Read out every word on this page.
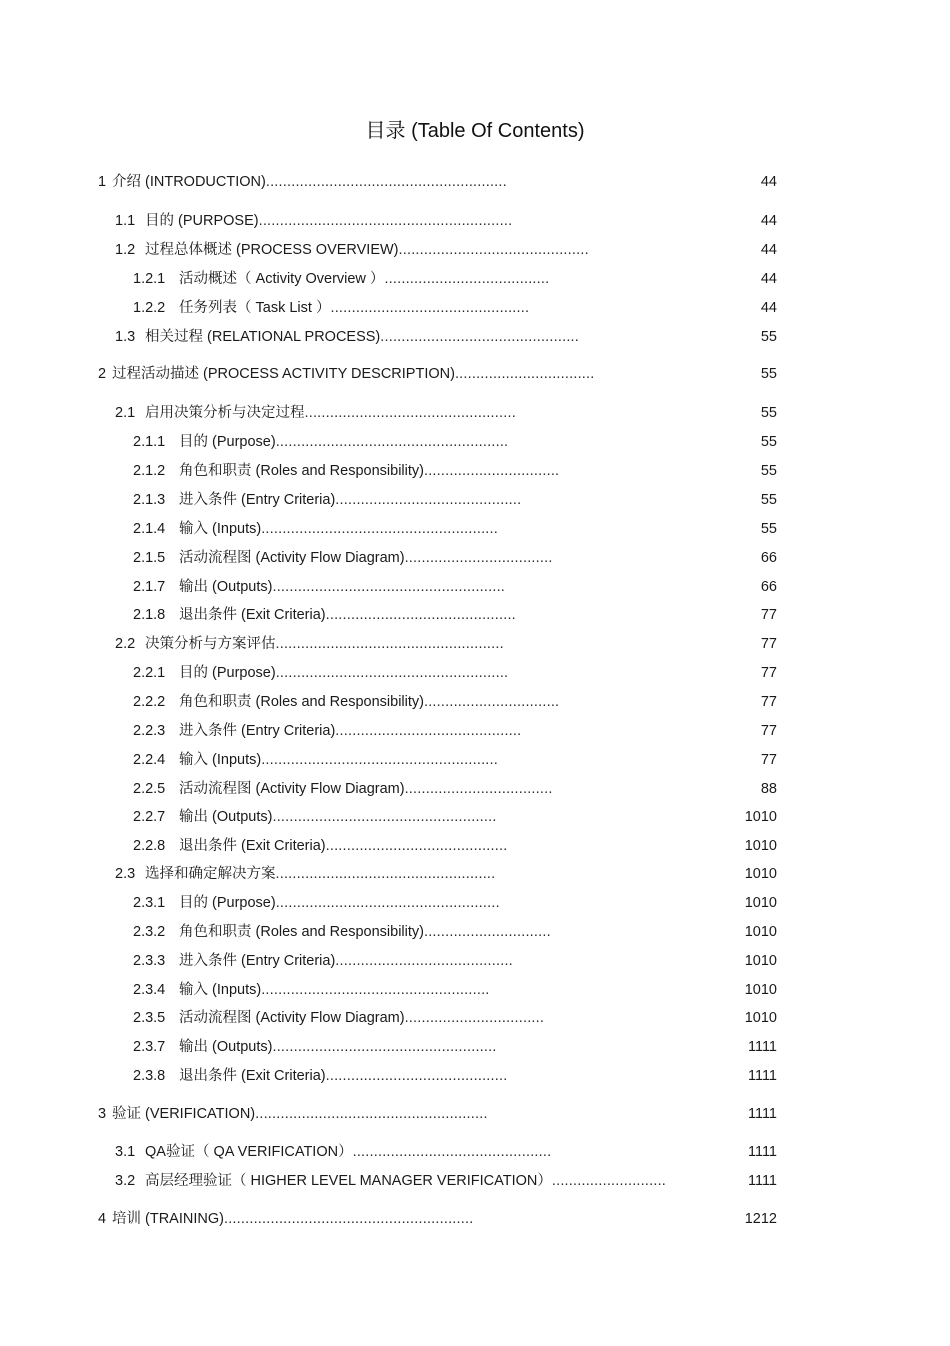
目录 (Table Of Contents)
1 介绍 (INTRODUCTION).........................................................	44
1.1 目的 (PURPOSE)............................................................	44
1.2 过程总体概述 (PROCESS OVERVIEW).............................................	44
1.2.1 活动概述（ Activity Overview ）.......................................	44
1.2.2 任务列表（ Task List ）...............................................	44
1.3 相关过程 (RELATIONAL PROCESS)...............................................	55
2 过程活动描述 (PROCESS ACTIVITY DESCRIPTION).................................	55
2.1 启用决策分析与决定过程..................................................	55
2.1.1 目的 (Purpose).......................................................	55
2.1.2 角色和职责 (Roles and Responsibility)................................	55
2.1.3 进入条件 (Entry Criteria)............................................	55
2.1.4 输入 (Inputs)........................................................	55
2.1.5 活动流程图 (Activity Flow Diagram)...................................	66
2.1.7 输出 (Outputs).......................................................	66
2.1.8 退出条件 (Exit Criteria).............................................	77
2.2 决策分析与方案评估......................................................	77
2.2.1 目的 (Purpose).......................................................	77
2.2.2 角色和职责 (Roles and Responsibility)................................	77
2.2.3 进入条件 (Entry Criteria)............................................	77
2.2.4 输入 (Inputs)........................................................	77
2.2.5 活动流程图 (Activity Flow Diagram)...................................	88
2.2.7 输出 (Outputs).....................................................	1010
2.2.8 退出条件 (Exit Criteria)...........................................	1010
2.3 选择和确定解决方案....................................................	1010
2.3.1 目的 (Purpose).....................................................	1010
2.3.2 角色和职责 (Roles and Responsibility)..............................	1010
2.3.3 进入条件 (Entry Criteria)..........................................	1010
2.3.4 输入 (Inputs)......................................................	1010
2.3.5 活动流程图 (Activity Flow Diagram).................................	1010
2.3.7 输出 (Outputs).....................................................	1111
2.3.8 退出条件 (Exit Criteria)...........................................	1111
3 验证 (VERIFICATION).......................................................	1111
3.1 QA验证（ QA VERIFICATION）...............................................	1111
3.2 高层经理验证（ HIGHER LEVEL MANAGER VERIFICATION）...........................	1111
4 培训 (TRAINING)...........................................................	1212
